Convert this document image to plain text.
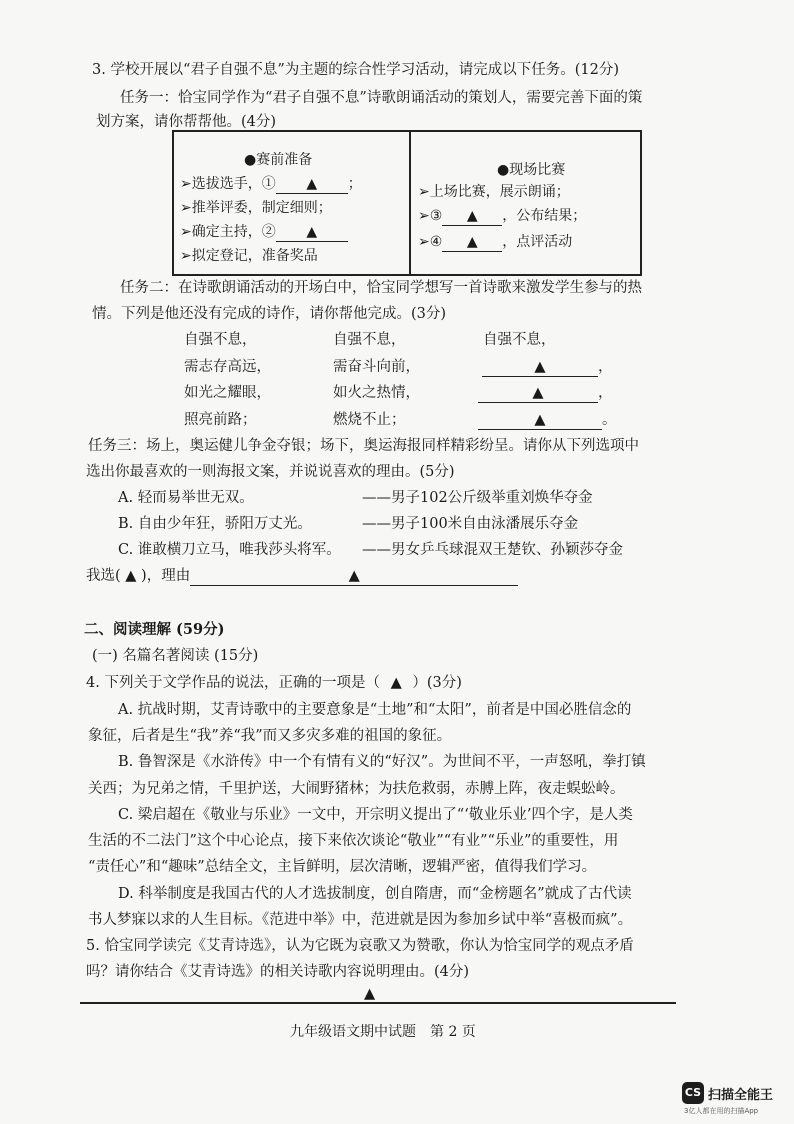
3. 学校开展以“君子自强不息”为主题的综合性学习活动，请完成以下任务。(12分)
任务一：恰宝同学作为“君子自强不息”诗歌朗诵活动的策划人，需要完善下面的策
划方案，请你帮帮他。(4分)
●赛前准备
➢选拔选手，① ▲ ；
➢推举评委，制定细则；
➢确定主持，② ▲
➢拟定登记，准备奖品
●现场比赛
➢上场比赛，展示朗诵；
➢③ ▲ ，公布结果；
➢④ ▲ ，点评活动
任务二：在诗歌朗诵活动的开场白中，恰宝同学想写一首诗歌来激发学生参与的热
情。下列是他还没有完成的诗作，请你帮他完成。(3分)
自强不息，	自强不息，	自强不息，
需志存高远，	需奋斗向前，	▲	，
如光之耀眼，	如火之热情，	▲	，
照亮前路；	燃烧不止；	▲	。
任务三：场上，奥运健儿争金夺银；场下，奥运海报同样精彩纷呈。请你从下列选项中
选出你最喜欢的一则海报文案，并说说喜欢的理由。(5分)
A. 轻而易举世无双。	——男子102公斤级举重刘焕华夺金
B. 自由少年狂，骄阳万丈光。	——男子100米自由泳潘展乐夺金
C. 谁敢横刀立马，唯我莎头将军。 ——男女乒乓球混双王楚钦、孙颖莎夺金
我选( ▲ )，理由	▲
二、阅读理解 (59分)
(一) 名篇名著阅读 (15分)
4. 下列关于文学作品的说法，正确的一项是（ ▲ ）(3分)
A. 抗战时期，艾青诗歌中的主要意象是“土地”和“太阳”，前者是中国必胜信念的
象征，后者是生“我”养“我”而又多灾多难的祖国的象征。
B. 鲁智深是《水浒传》中一个有情有义的“好汉”。为世间不平，一声怒吼，拳打镇
关西；为兄弟之情，千里护送，大闹野猪林；为扶危救弱，赤膊上阵，夜走蜈蚣岭。
C. 梁启超在《敬业与乐业》一文中，开宗明义提出了“‘敬业乐业’四个字，是人类
生活的不二法门”这个中心论点，接下来依次谈论“敬业”“有业”“乐业”的重要性，用
“责任心”和“趣味”总结全文，主旨鲜明，层次清晰，逻辑严密，值得我们学习。
D. 科举制度是我国古代的人才选拔制度，创自隋唐，而“金榜题名”就成了古代读
书人梦寐以求的人生目标。《范进中举》中，范进就是因为参加乡试中举“喜极而疯”。
5. 恰宝同学读完《艾青诗选》，认为它既为哀歌又为赞歌，你认为恰宝同学的观点矛盾
吗？请你结合《艾青诗选》的相关诗歌内容说明理由。(4分)
▲
九年级语文期中试题　第 2 页
CS 扫描全能王
3亿人都在用的扫描App
